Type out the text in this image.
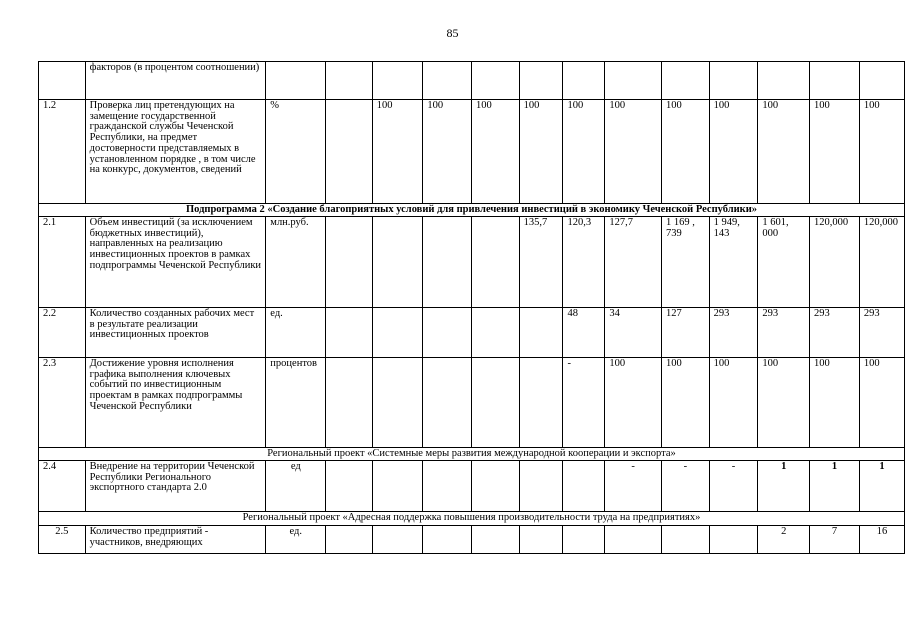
85
	факторов (в процентом соотношении)													
1.2	Проверка лиц претендующих на замещение государственной гражданской службы Чеченской Республики, на предмет достоверности представляемых в установленном порядке , в том числе на конкурс, документов, сведений	%		100	100	100	100	100	100	100	100	100	100	100
Подпрограмма 2 «Создание благоприятных условий для привлечения инвестиций в экономику Чеченской Республики»														
2.1	Объем инвестиций (за исключением бюджетных инвестиций), направленных на реализацию инвестиционных проектов в рамках подпрограммы Чеченской Республики	млн.руб.					135,7	120,3	127,7	1 169 , 739	1 949, 143	1 601, 000	120,000	120,000
2.2	Количество созданных рабочих мест в результате реализации инвестиционных проектов	ед.						48	34	127	293	293	293	293
2.3	Достижение уровня исполнения графика выполнения ключевых событий по инвестиционным проектам в рамках подпрограммы Чеченской Республики	процентов						-	100	100	100	100	100	100
Региональный проект «Системные меры развития международной кооперации и экспорта»														
2.4	Внедрение на территории Чеченской Республики Регионального экспортного стандарта 2.0	ед							-	-	-	1	1	1
Региональный проект «Адресная поддержка повышения производительности труда на предприятиях»														
2.5	Количество предприятий - участников, внедряющих	ед.										2	7	16
